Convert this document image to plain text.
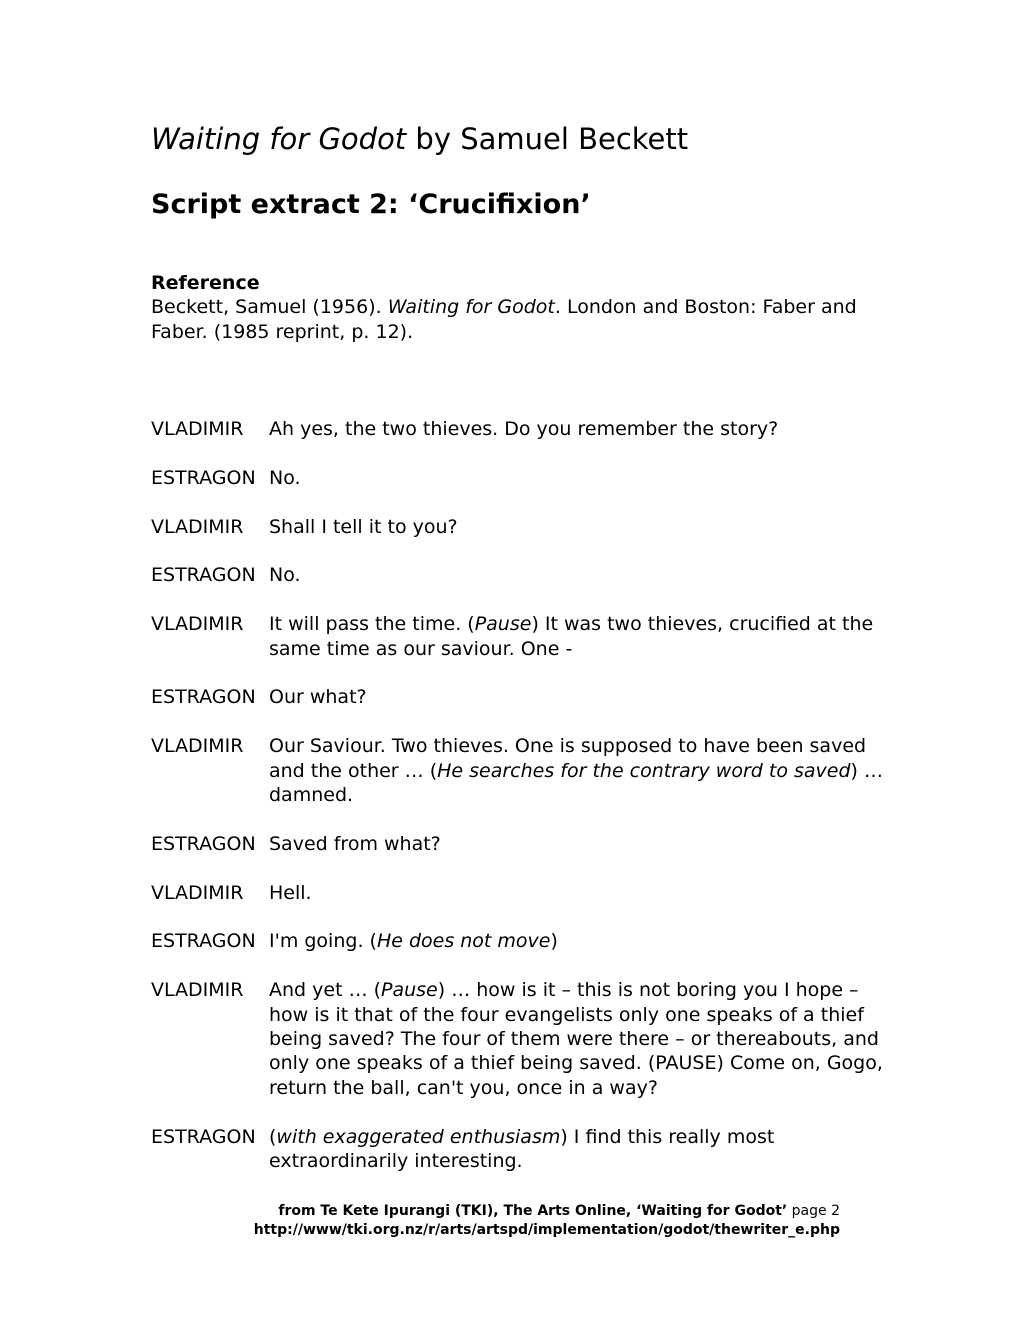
Waiting for Godot by Samuel Beckett
Script extract 2: ‘Crucifixion’
Reference
Beckett, Samuel (1956). Waiting for Godot. London and Boston: Faber and Faber. (1985 reprint, p. 12).
VLADIMIR	Ah yes, the two thieves. Do you remember the story?
ESTRAGON No.
VLADIMIR	Shall I tell it to you?
ESTRAGON No.
VLADIMIR	It will pass the time. (Pause) It was two thieves, crucified at the same time as our saviour. One -
ESTRAGON Our what?
VLADIMIR	Our Saviour. Two thieves. One is supposed to have been saved and the other … (He searches for the contrary word to saved) …damned.
ESTRAGON Saved from what?
VLADIMIR	Hell.
ESTRAGON I'm going. (He does not move)
VLADIMIR	And yet … (Pause) … how is it – this is not boring you I hope – how is it that of the four evangelists only one speaks of a thief being saved? The four of them were there – or thereabouts, and only one speaks of a thief being saved. (PAUSE) Come on, Gogo, return the ball, can't you, once in a way?
ESTRAGON (with exaggerated enthusiasm) I find this really most extraordinarily interesting.
from Te Kete Ipurangi (TKI), The Arts Online, ‘Waiting for Godot’ page 2
http://www/tki.org.nz/r/arts/artspd/implementation/godot/thewriter_e.php
